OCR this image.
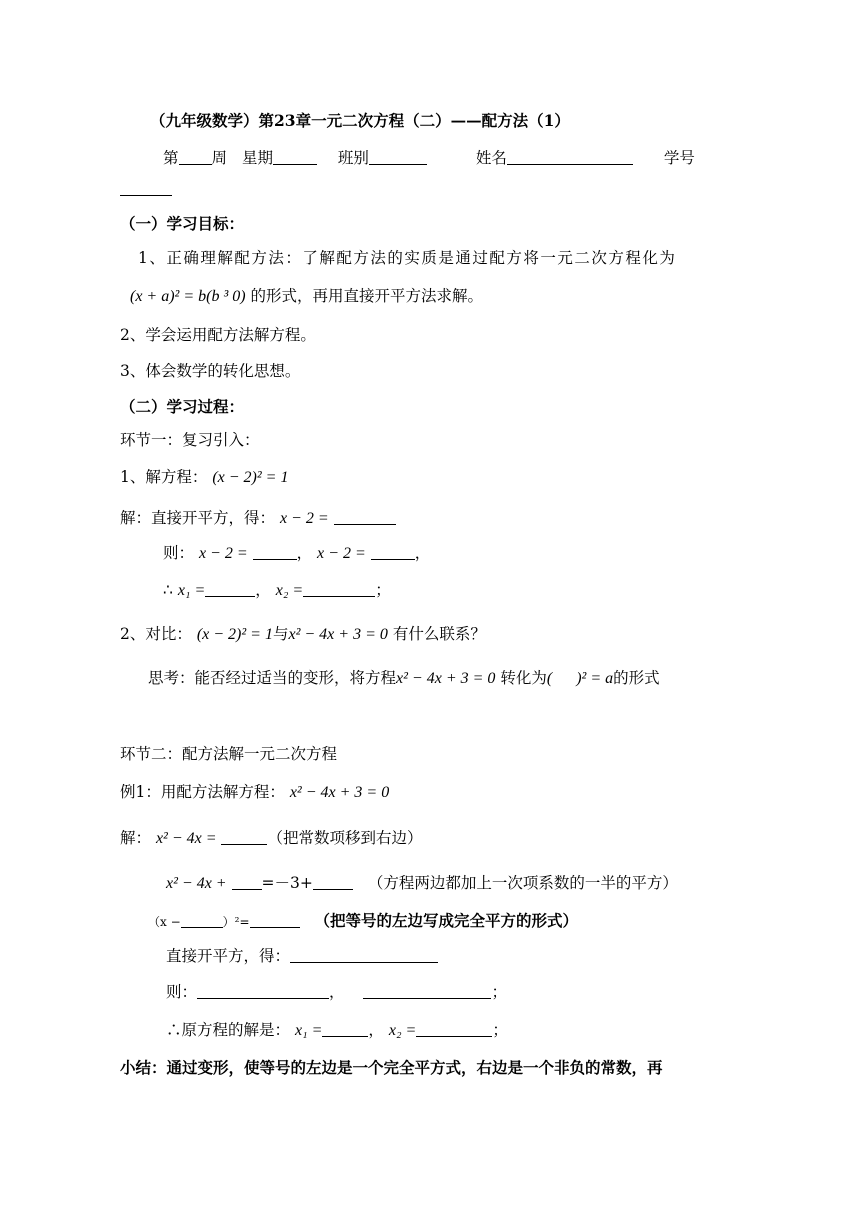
（九年级数学）第23章一元二次方程（二）——配方法（1）
第 周 星期	班别	姓名	学号
（一）学习目标：
1、正确理解配方法：了解配方法的实质是通过配方将一元二次方程化为
(x + a)² = b(b ³ 0) 的形式，再用直接开平方法求解。
2、学会运用配方法解方程。
3、体会数学的转化思想。
（二）学习过程：
环节一：复习引入：
1、解方程： (x − 2)² = 1
解：直接开平方，得： x − 2 =
则： x − 2 =	， x − 2 =	，
∴ x₁ =	， x₂ =	；
2、对比： (x − 2)² = 1与x² − 4x + 3 = 0 有什么联系？
思考：能否经过适当的变形，将方程x² − 4x + 3 = 0 转化为(      )² = a的形式
环节二：配方法解一元二次方程
例1：用配方法解方程： x² − 4x + 3 = 0
解： x² − 4x =	（把常数项移到右边）
x² − 4x + =－3+	（方程两边都加上一次项系数的一半的平方）
（x −	）²=	（把等号的左边写成完全平方的形式）
直接开平方，得：
则：	，	；
∴原方程的解是： x₁ =	， x₂ =	；
小结：通过变形，使等号的左边是一个完全平方式，右边是一个非负的常数，再
